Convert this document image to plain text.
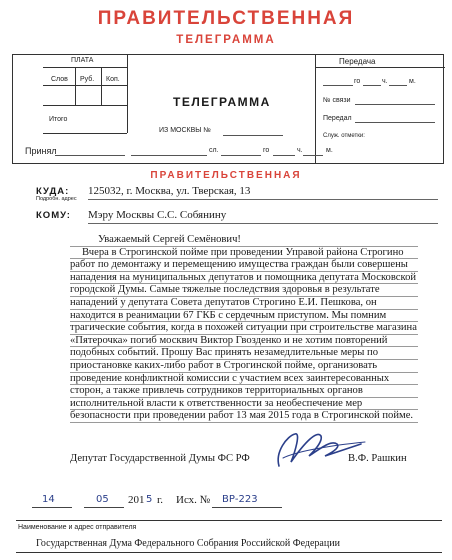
ПРАВИТЕЛЬСТВЕННАЯ
ТЕЛЕГРАММА
ПЛАТА
Слов Руб. Коп.
Итого
Принял
ТЕЛЕГРАММА
ИЗ МОСКВЫ №
сл.	го	ч.	м.
Передача
го	ч.	м.
№ связи
Передал
Служ. отметки:
ПРАВИТЕЛЬСТВЕННАЯ
КУДА:
Подробн. адрес
125032, г. Москва, ул. Тверская, 13
КОМУ: Мэру Москвы С.С. Собянину
Уважаемый Сергей Семёнович!
Вчера в Строгинской пойме при проведении Управой района Строгино
работ по демонтажу и перемещению имущества граждан были совершены
нападения на муниципальных депутатов и помощника депутата Московской
городской Думы. Самые тяжелые последствия здоровья в результате
нападений у депутата Совета депутатов Строгино Е.И. Пешкова, он
находится в реанимации 67 ГКБ с сердечным приступом. Мы помним
трагические события, когда в похожей ситуации при строительстве магазина
«Пятерочка» погиб москвич Виктор Гвозденко и не хотим повторений
подобных событий. Прошу Вас принять незамедлительные меры по
приостановке каких-либо работ в Строгинской пойме, организовать
проведение конфликтной комиссии с участием всех заинтересованных
сторон, а также привлечь сотрудников территориальных органов
исполнительной власти к ответственности за необеспечение мер
безопасности при проведении работ 13 мая 2015 года в Строгинской пойме.
Депутат Государственной Думы ФС РФ	В.Ф. Рашкин
14	05 201 5 г. Исх. № ВР-223
Наименование и адрес отправителя
Государственная Дума Федерального Собрания Российской Федерации
